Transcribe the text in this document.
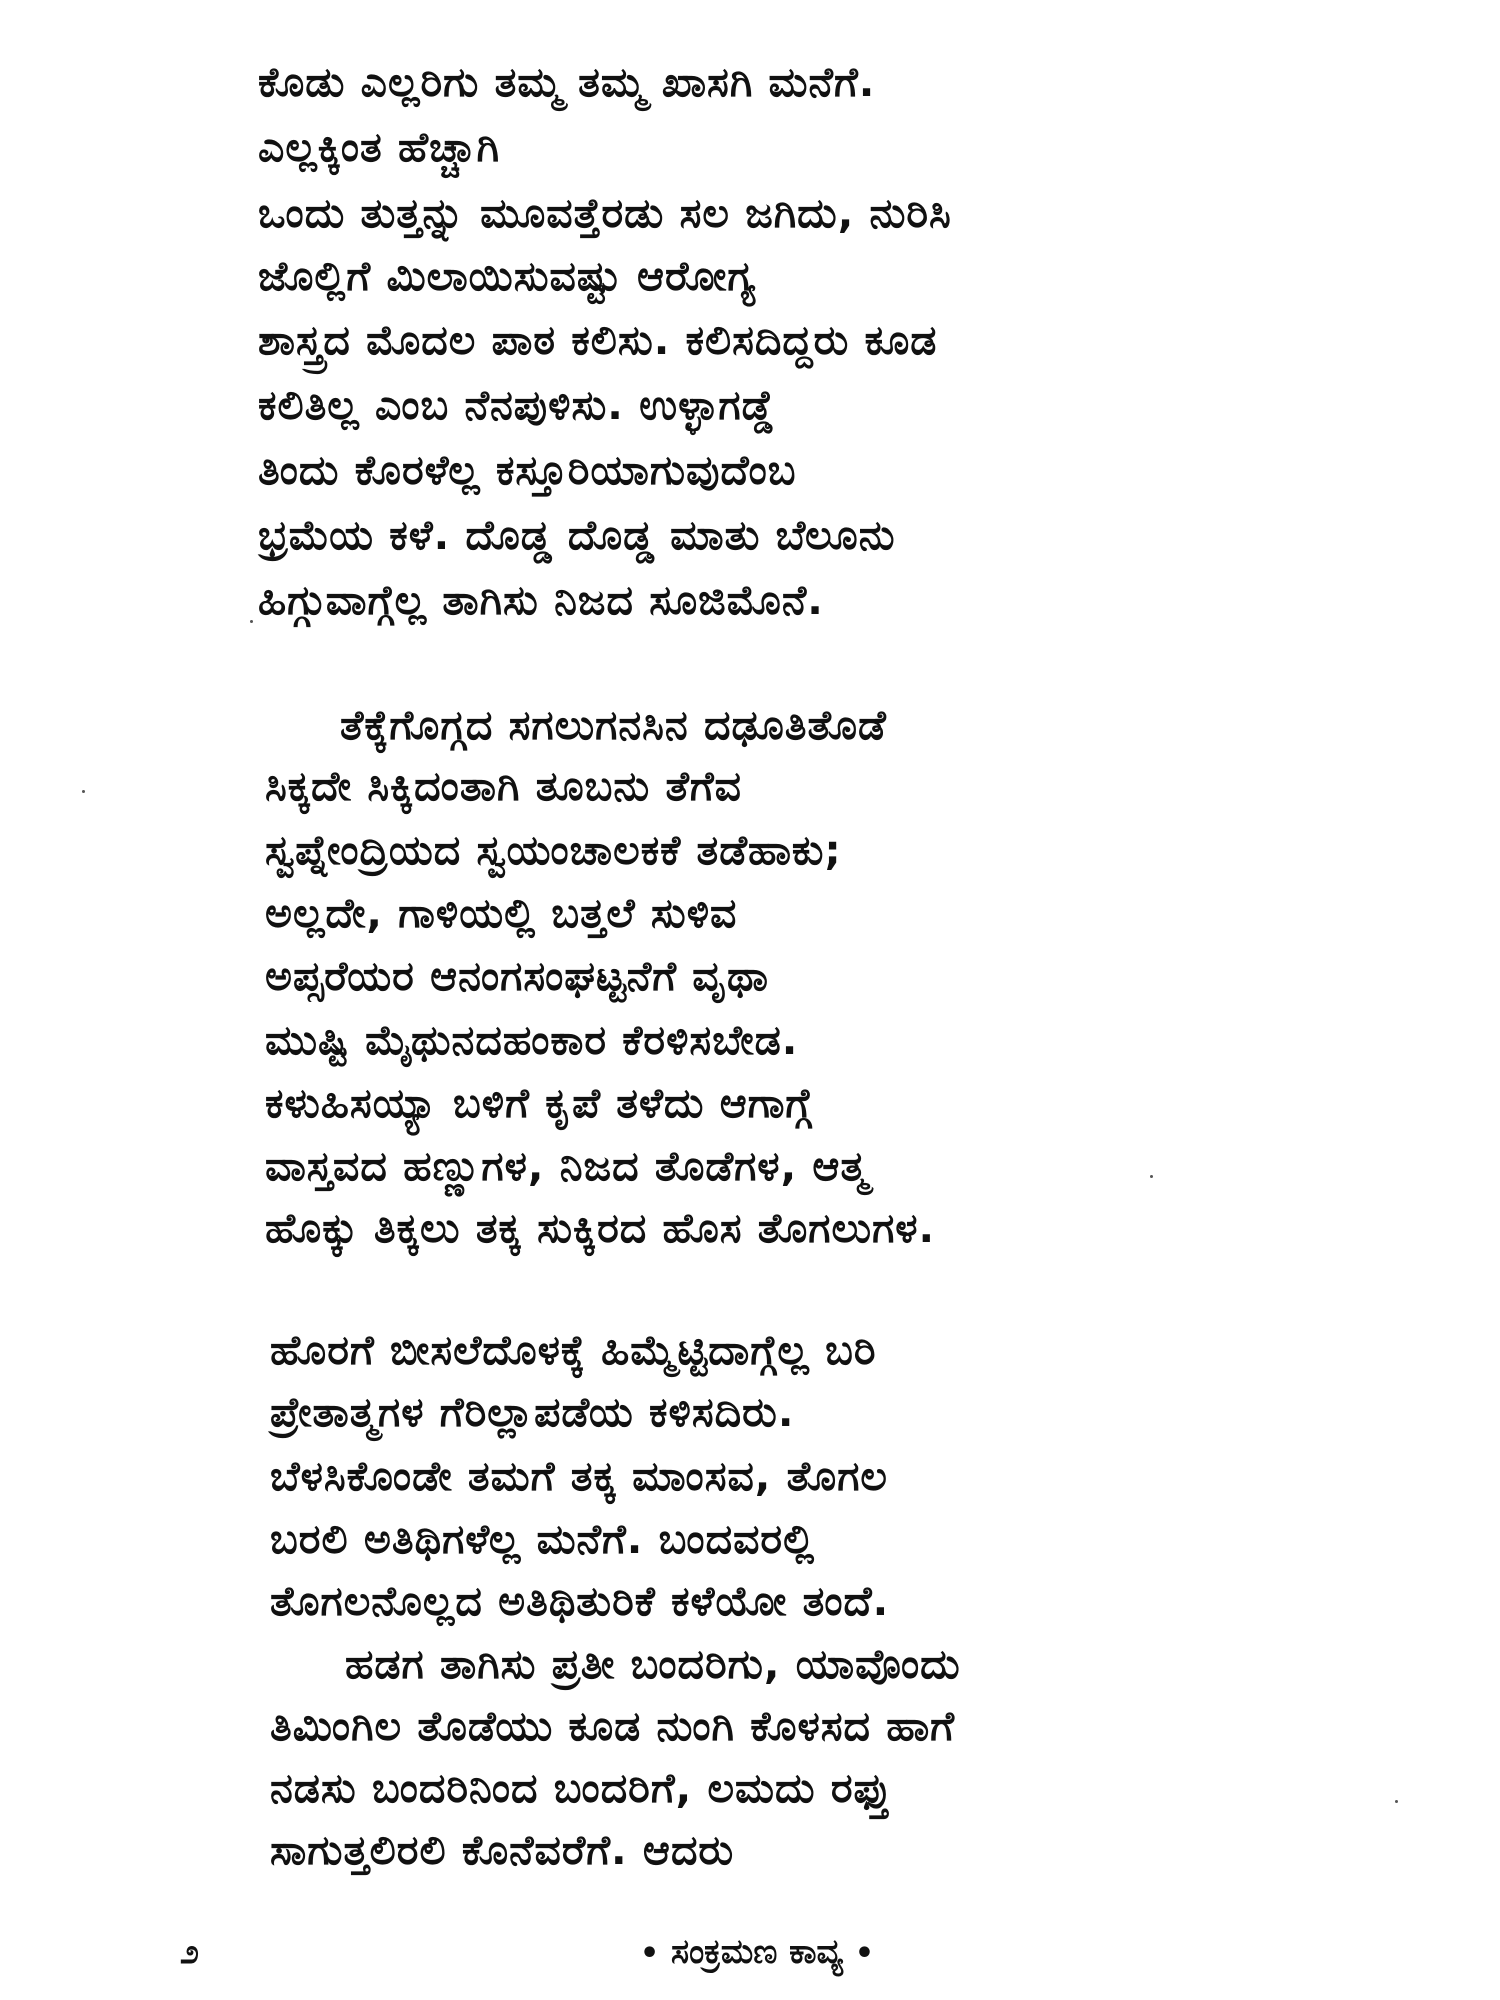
ಕೊಡು ಎಲ್ಲರಿಗು ತಮ್ಮ ತಮ್ಮ ಖಾಸಗಿ ಮನೆಗೆ.
ಎಲ್ಲಕ್ಕಿಂತ ಹೆಚ್ಚಾಗಿ
ಒಂದು ತುತ್ತನ್ನು ಮೂವತ್ತೆರಡು ಸಲ ಜಗಿದು, ನುರಿಸಿ
ಜೊಲ್ಲಿಗೆ ಮಿಲಾಯಿಸುವಷ್ಟು ಆರೋಗ್ಯ
ಶಾಸ್ತ್ರದ ಮೊದಲ ಪಾಠ ಕಲಿಸು. ಕಲಿಸದಿದ್ದರು ಕೂಡ
ಕಲಿತಿಲ್ಲ ಎಂಬ ನೆನಪುಳಿಸು. ಉಳ್ಳಾಗಡ್ಡೆ
ತಿಂದು ಕೊರಳೆಲ್ಲ ಕಸ್ತೂರಿಯಾಗುವುದೆಂಬ
ಭ್ರಮೆಯ ಕಳೆ. ದೊಡ್ಡ ದೊಡ್ಡ ಮಾತು ಬೆಲೂನು
ಹಿಗ್ಗುವಾಗ್ಗೆಲ್ಲ ತಾಗಿಸು ನಿಜದ ಸೂಜಿಮೊನೆ.
ತೆಕ್ಕೆಗೊಗ್ಗದ ಸಗಲುಗನಸಿನ ದಢೂತಿತೊಡೆ
ಸಿಕ್ಕದೇ ಸಿಕ್ಕಿದಂತಾಗಿ ತೂಬನು ತೆಗೆವ
ಸ್ವಪ್ನೇಂದ್ರಿಯದ ಸ್ವಯಂಚಾಲಕಕೆ ತಡೆಹಾಕು;
ಅಲ್ಲದೇ, ಗಾಳಿಯಲ್ಲಿ ಬತ್ತಲೆ ಸುಳಿವ
ಅಪ್ಸರೆಯರ ಆನಂಗಸಂಘಟ್ಟನೆಗೆ ವೃಥಾ
ಮುಷ್ಟಿ ಮೈಥುನದಹಂಕಾರ ಕೆರಳಿಸಬೇಡ.
ಕಳುಹಿಸಯ್ಯಾ ಬಳಿಗೆ ಕೃಪೆ ತಳೆದು ಆಗಾಗ್ಗೆ
ವಾಸ್ತವದ ಹಣ್ಣುಗಳ, ನಿಜದ ತೊಡೆಗಳ, ಆತ್ಮ
ಹೊಕ್ಕು ತಿಕ್ಕಲು ತಕ್ಕ ಸುಕ್ಕಿರದ ಹೊಸ ತೊಗಲುಗಳ.
ಹೊರಗೆ ಬೀಸಲೆದೊಳಕ್ಕೆ ಹಿಮ್ಮೆಟ್ಟಿದಾಗ್ಗೆಲ್ಲ ಬರಿ
ಪ್ರೇತಾತ್ಮಗಳ ಗೆರಿಲ್ಲಾಪಡೆಯ ಕಳಿಸದಿರು.
ಬೆಳಸಿಕೊಂಡೇ ತಮಗೆ ತಕ್ಕ ಮಾಂಸವ, ತೊಗಲ
ಬರಲಿ ಅತಿಥಿಗಳೆಲ್ಲ ಮನೆಗೆ. ಬಂದವರಲ್ಲಿ
ತೊಗಲನೊಲ್ಲದ ಅತಿಥಿತುರಿಕೆ ಕಳೆಯೋ ತಂದೆ.
ಹಡಗ ತಾಗಿಸು ಪ್ರತೀ ಬಂದರಿಗು, ಯಾವೊಂದು
ತಿಮಿಂಗಿಲ ತೊಡೆಯು ಕೂಡ ನುಂಗಿ ಕೊಳಸದ ಹಾಗೆ
ನಡಸು ಬಂದರಿನಿಂದ ಬಂದರಿಗೆ, ಲಮದು ರಫ್ತು
ಸಾಗುತ್ತಲಿರಲಿ ಕೊನೆವರೆಗೆ. ಆದರು
೨	• ಸಂಕ್ರಮಣ ಕಾವ್ಯ •
